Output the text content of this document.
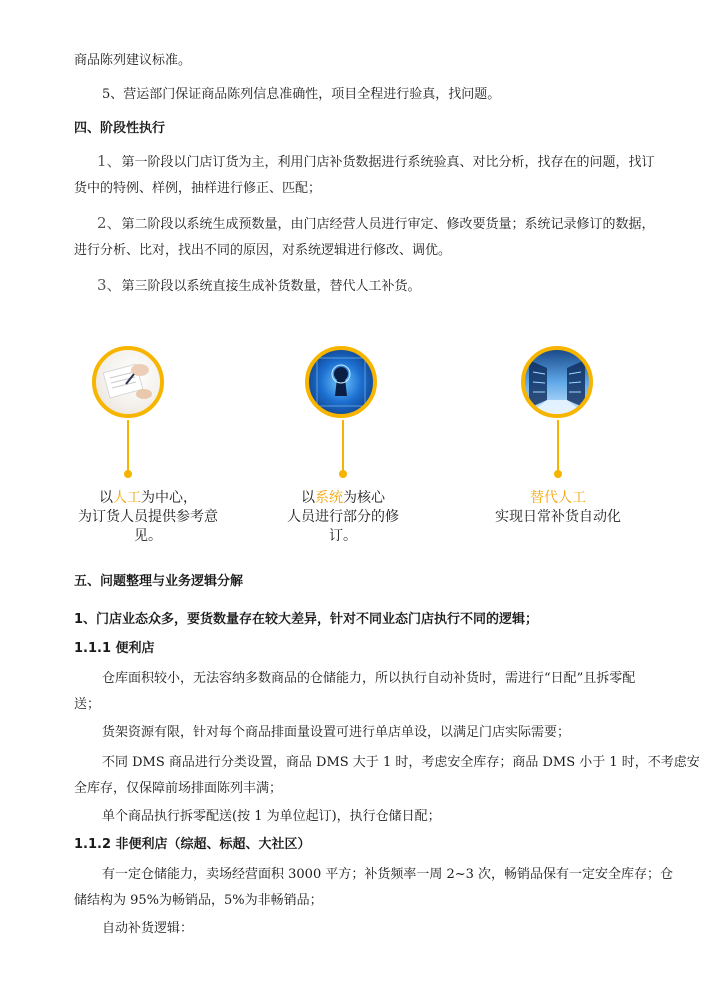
商品陈列建议标准。
5、营运部门保证商品陈列信息准确性，项目全程进行验真，找问题。
四、阶段性执行
1、第一阶段以门店订货为主，利用门店补货数据进行系统验真、对比分析，找存在的问题，找订
货中的特例、样例，抽样进行修正、匹配；
2、第二阶段以系统生成预数量，由门店经营人员进行审定、修改要货量；系统记录修订的数据，
进行分析、比对，找出不同的原因，对系统逻辑进行修改、调优。
3、第三阶段以系统直接生成补货数量，替代人工补货。
以人工为中心，
为订货人员提供参考意
见。
以系统为核心
人员进行部分的修
订。
替代人工
实现日常补货自动化
五、问题整理与业务逻辑分解
1、门店业态众多，要货数量存在较大差异，针对不同业态门店执行不同的逻辑；
1.1.1 便利店
仓库面积较小，无法容纳多数商品的仓储能力，所以执行自动补货时，需进行“日配”且拆零配
送；
货架资源有限，针对每个商品排面量设置可进行单店单设，以满足门店实际需要；
不同 DMS 商品进行分类设置，商品 DMS 大于 1 时，考虑安全库存；商品 DMS 小于 1 时，不考虑安
全库存，仅保障前场排面陈列丰满；
单个商品执行拆零配送(按 1 为单位起订)，执行仓储日配；
1.1.2 非便利店（综超、标超、大社区）
有一定仓储能力，卖场经营面积 3000 平方；补货频率一周 2~3 次，畅销品保有一定安全库存；仓
储结构为 95%为畅销品，5%为非畅销品；
自动补货逻辑：
